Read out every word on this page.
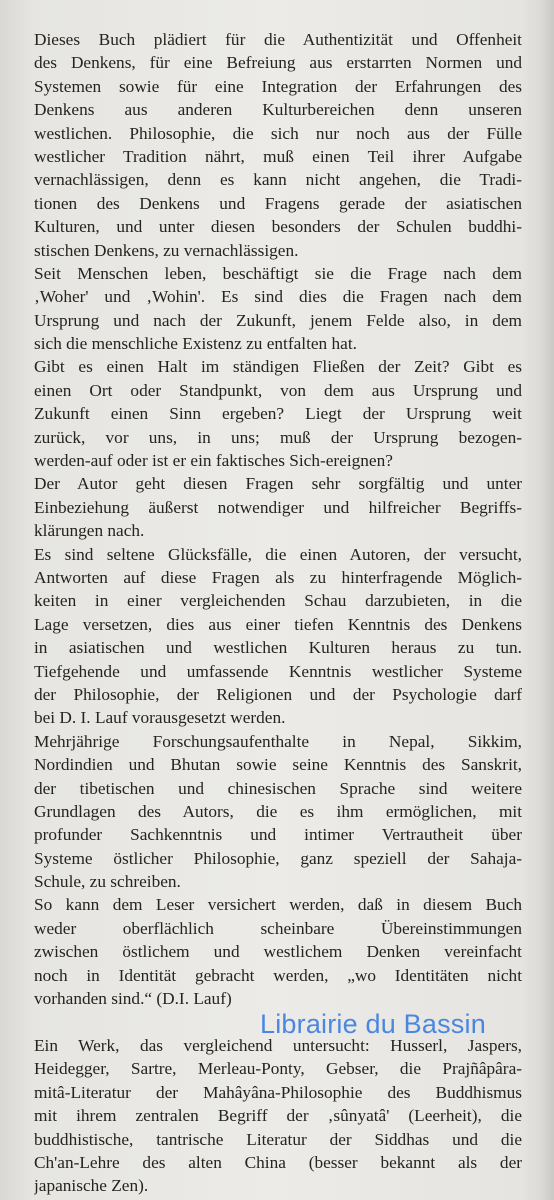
Dieses Buch plädiert für die Authentizität und Offenheit
des Denkens, für eine Befreiung aus erstarrten Normen und
Systemen sowie für eine Integration der Erfahrungen des
Denkens aus anderen Kulturbereichen denn unseren
westlichen. Philosophie, die sich nur noch aus der Fülle
westlicher Tradition nährt, muß einen Teil ihrer Aufgabe
vernachlässigen, denn es kann nicht angehen, die Tradi-
tionen des Denkens und Fragens gerade der asiatischen
Kulturen, und unter diesen besonders der Schulen buddhi-
stischen Denkens, zu vernachlässigen.
Seit Menschen leben, beschäftigt sie die Frage nach dem
‚Woher' und ‚Wohin'. Es sind dies die Fragen nach dem
Ursprung und nach der Zukunft, jenem Felde also, in dem
sich die menschliche Existenz zu entfalten hat.
Gibt es einen Halt im ständigen Fließen der Zeit? Gibt es
einen Ort oder Standpunkt, von dem aus Ursprung und
Zukunft einen Sinn ergeben? Liegt der Ursprung weit
zurück, vor uns, in uns; muß der Ursprung bezogen-
werden-auf oder ist er ein faktisches Sich-ereignen?
Der Autor geht diesen Fragen sehr sorgfältig und unter
Einbeziehung äußerst notwendiger und hilfreicher Begriffs-
klärungen nach.
Es sind seltene Glücksfälle, die einen Autoren, der versucht,
Antworten auf diese Fragen als zu hinterfragende Möglich-
keiten in einer vergleichenden Schau darzubieten, in die
Lage versetzen, dies aus einer tiefen Kenntnis des Denkens
in asiatischen und westlichen Kulturen heraus zu tun.
Tiefgehende und umfassende Kenntnis westlicher Systeme
der Philosophie, der Religionen und der Psychologie darf
bei D. I. Lauf vorausgesetzt werden.
Mehrjährige Forschungsaufenthalte in Nepal, Sikkim,
Nordindien und Bhutan sowie seine Kenntnis des Sanskrit,
der tibetischen und chinesischen Sprache sind weitere
Grundlagen des Autors, die es ihm ermöglichen, mit
profunder Sachkenntnis und intimer Vertrautheit über
Systeme östlicher Philosophie, ganz speziell der Sahaja-
Schule, zu schreiben.
So kann dem Leser versichert werden, daß in diesem Buch
weder oberflächlich scheinbare Übereinstimmungen
zwischen östlichem und westlichem Denken vereinfacht
noch in Identität gebracht werden, „wo Identitäten nicht
vorhanden sind.“ (D.I. Lauf)
Ein Werk, das vergleichend untersucht: Husserl, Jaspers,
Heidegger, Sartre, Merleau-Ponty, Gebser, die Prajñâpâra-
mitâ-Literatur der Mahâyâna-Philosophie des Buddhismus
mit ihrem zentralen Begriff der ‚sûnyatâ' (Leerheit), die
buddhistische, tantrische Literatur der Siddhas und die
Ch'an-Lehre des alten China (besser bekannt als der
japanische Zen).
Librairie du Bassin
